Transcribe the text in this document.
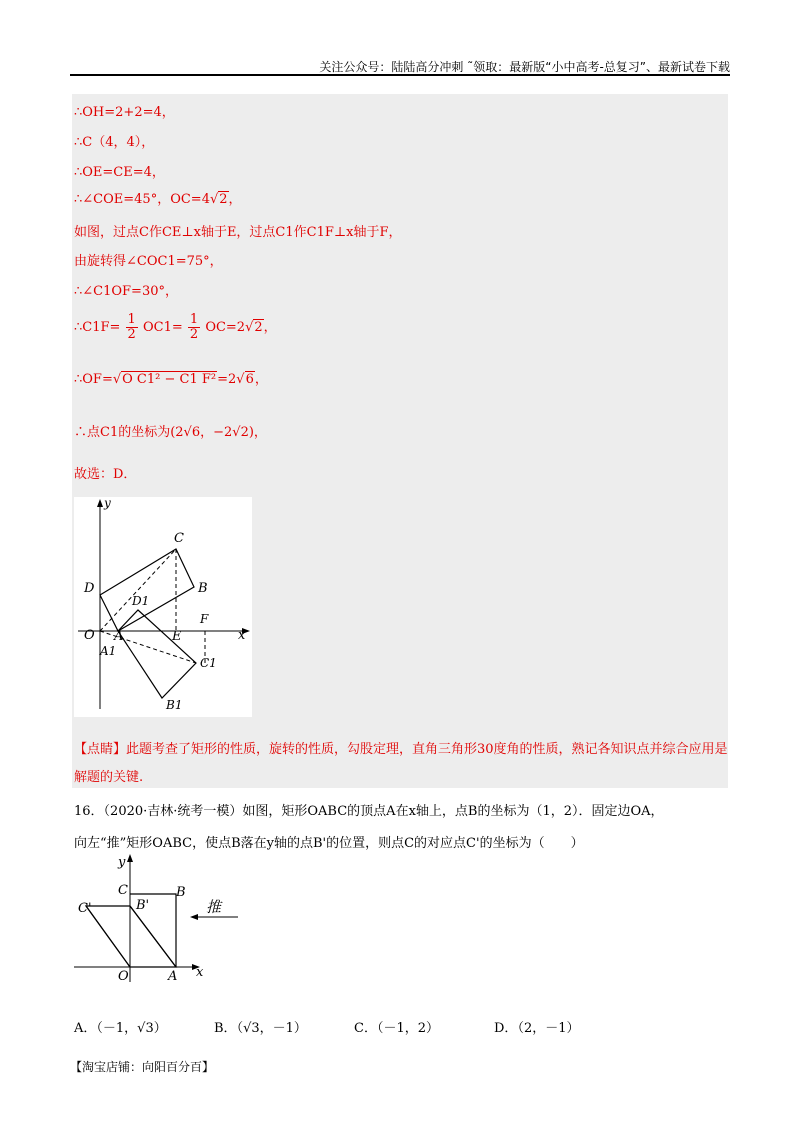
关注公众号：陆陆高分冲刺 ˜领取：最新版“小中高考-总复习”、最新试卷下载
∴OH=2+2=4，
∴C（4，4），
∴OE=CE=4，
∴∠COE=45°，OC=4√2，
如图，过点C作CE⊥x轴于E，过点C1作C1F⊥x轴于F，
由旋转得∠COC1=75°，
∴∠C1OF=30°，
∴C1F= $\frac{1}{2} OC1= \frac{1}{2} OC=2√2$，
∴OF=√O C1² − C1 F²=2√6，
∴点C1的坐标为(2√6，−2√2)，
故选：D．
y
C
D	B
D1
F
O A	E	x
A1
C1
B1
【点睛】此题考查了矩形的性质，旋转的性质，勾股定理，直角三角形30度角的性质，熟记各知识点并综合应用是解题的关键.
16．（2020·吉林·统考一模）如图，矩形OABC的顶点A在x轴上，点B的坐标为（1，2）．固定边OA，
向左“推”矩形OABC，使点B落在y轴的点B'的位置，则点C的对应点C'的坐标为（　　）
y
C	B
C'	B'	推
O	A x
A．（－1，√3）	B．（√3，－1）	C．（－1，2）	D．（2，－1）
【淘宝店铺：向阳百分百】
